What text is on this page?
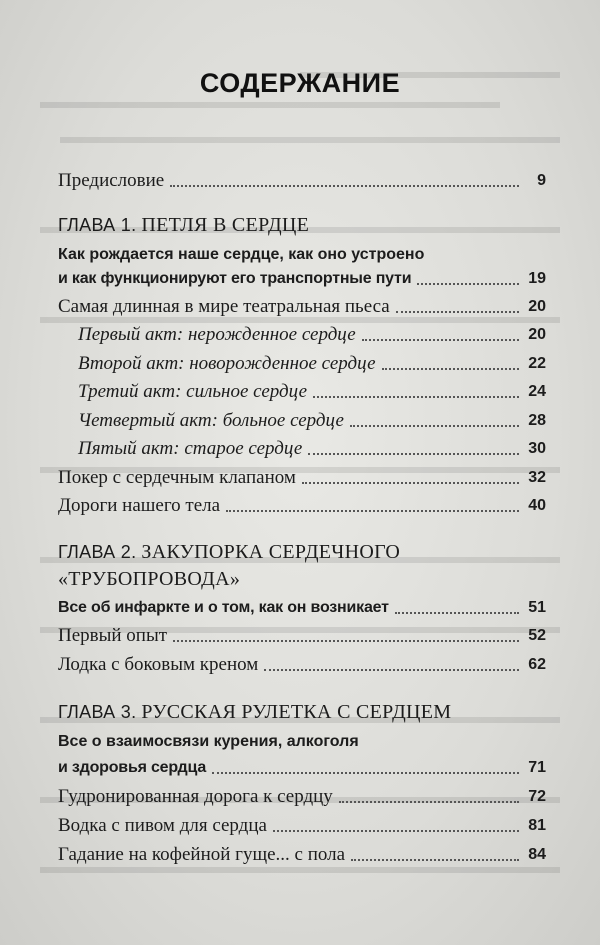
СОДЕРЖАНИЕ
Предисловие	9
ГЛАВА 1. ПЕТЛЯ В СЕРДЦЕ
Как рождается наше сердце, как оно устроено
и как функционируют его транспортные пути	19
Самая длинная в мире театральная пьеса	20
Первый акт: нерожденное сердце	20
Второй акт: новорожденное сердце	22
Третий акт: сильное сердце	24
Четвертый акт: больное сердце	28
Пятый акт: старое сердце	30
Покер с сердечным клапаном	32
Дороги нашего тела	40
ГЛАВА 2. ЗАКУПОРКА СЕРДЕЧНОГО
«ТРУБОПРОВОДА»
Все об инфаркте и о том, как он возникает	51
Первый опыт	52
Лодка с боковым креном	62
ГЛАВА 3. РУССКАЯ РУЛЕТКА С СЕРДЦЕМ
Все о взаимосвязи курения, алкоголя
и здоровья сердца	71
Гудронированная дорога к сердцу	72
Водка с пивом для сердца	81
Гадание на кофейной гуще... с пола	84
